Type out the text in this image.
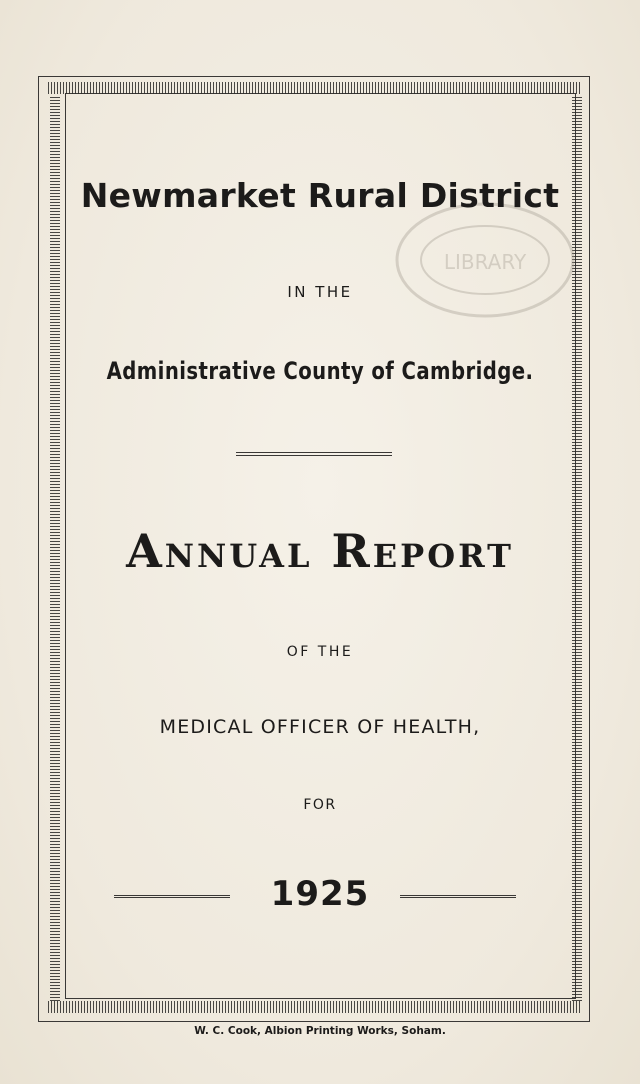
LIBRARY

Newmarket Rural District

IN THE

Administrative County of Cambridge.

Annual Report

OF THE

MEDICAL OFFICER OF HEALTH,

FOR

1925

W. C. Cook, Albion Printing Works, Soham.
